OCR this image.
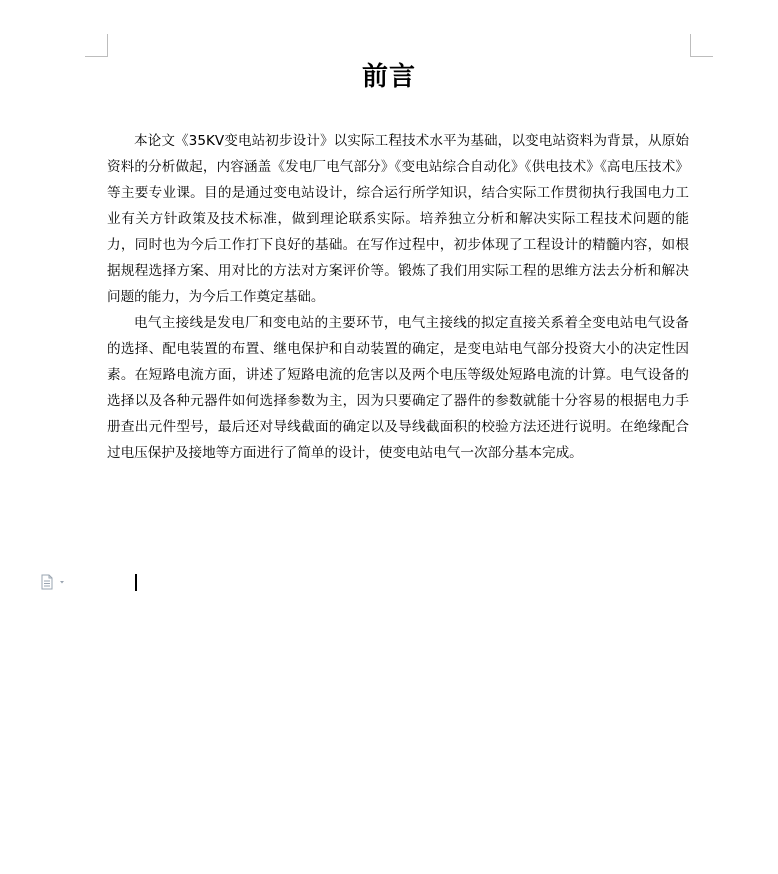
前言

本论文《35KV变电站初步设计》以实际工程技术水平为基础，以变电站资料为背景，从原始资料的分析做起，内容涵盖《发电厂电气部分》《变电站综合自动化》《供电技术》《高电压技术》等主要专业课。目的是通过变电站设计，综合运行所学知识，结合实际工作贯彻执行我国电力工业有关方针政策及技术标准，做到理论联系实际。培养独立分析和解决实际工程技术问题的能力，同时也为今后工作打下良好的基础。在写作过程中，初步体现了工程设计的精髓内容，如根据规程选择方案、用对比的方法对方案评价等。锻炼了我们用实际工程的思维方法去分析和解决问题的能力，为今后工作奠定基础。

电气主接线是发电厂和变电站的主要环节，电气主接线的拟定直接关系着全变电站电气设备的选择、配电装置的布置、继电保护和自动装置的确定，是变电站电气部分投资大小的决定性因素。在短路电流方面，讲述了短路电流的危害以及两个电压等级处短路电流的计算。电气设备的选择以及各种元器件如何选择参数为主，因为只要确定了器件的参数就能十分容易的根据电力手册查出元件型号，最后还对导线截面的确定以及导线截面积的校验方法还进行说明。在绝缘配合过电压保护及接地等方面进行了简单的设计，使变电站电气一次部分基本完成。
